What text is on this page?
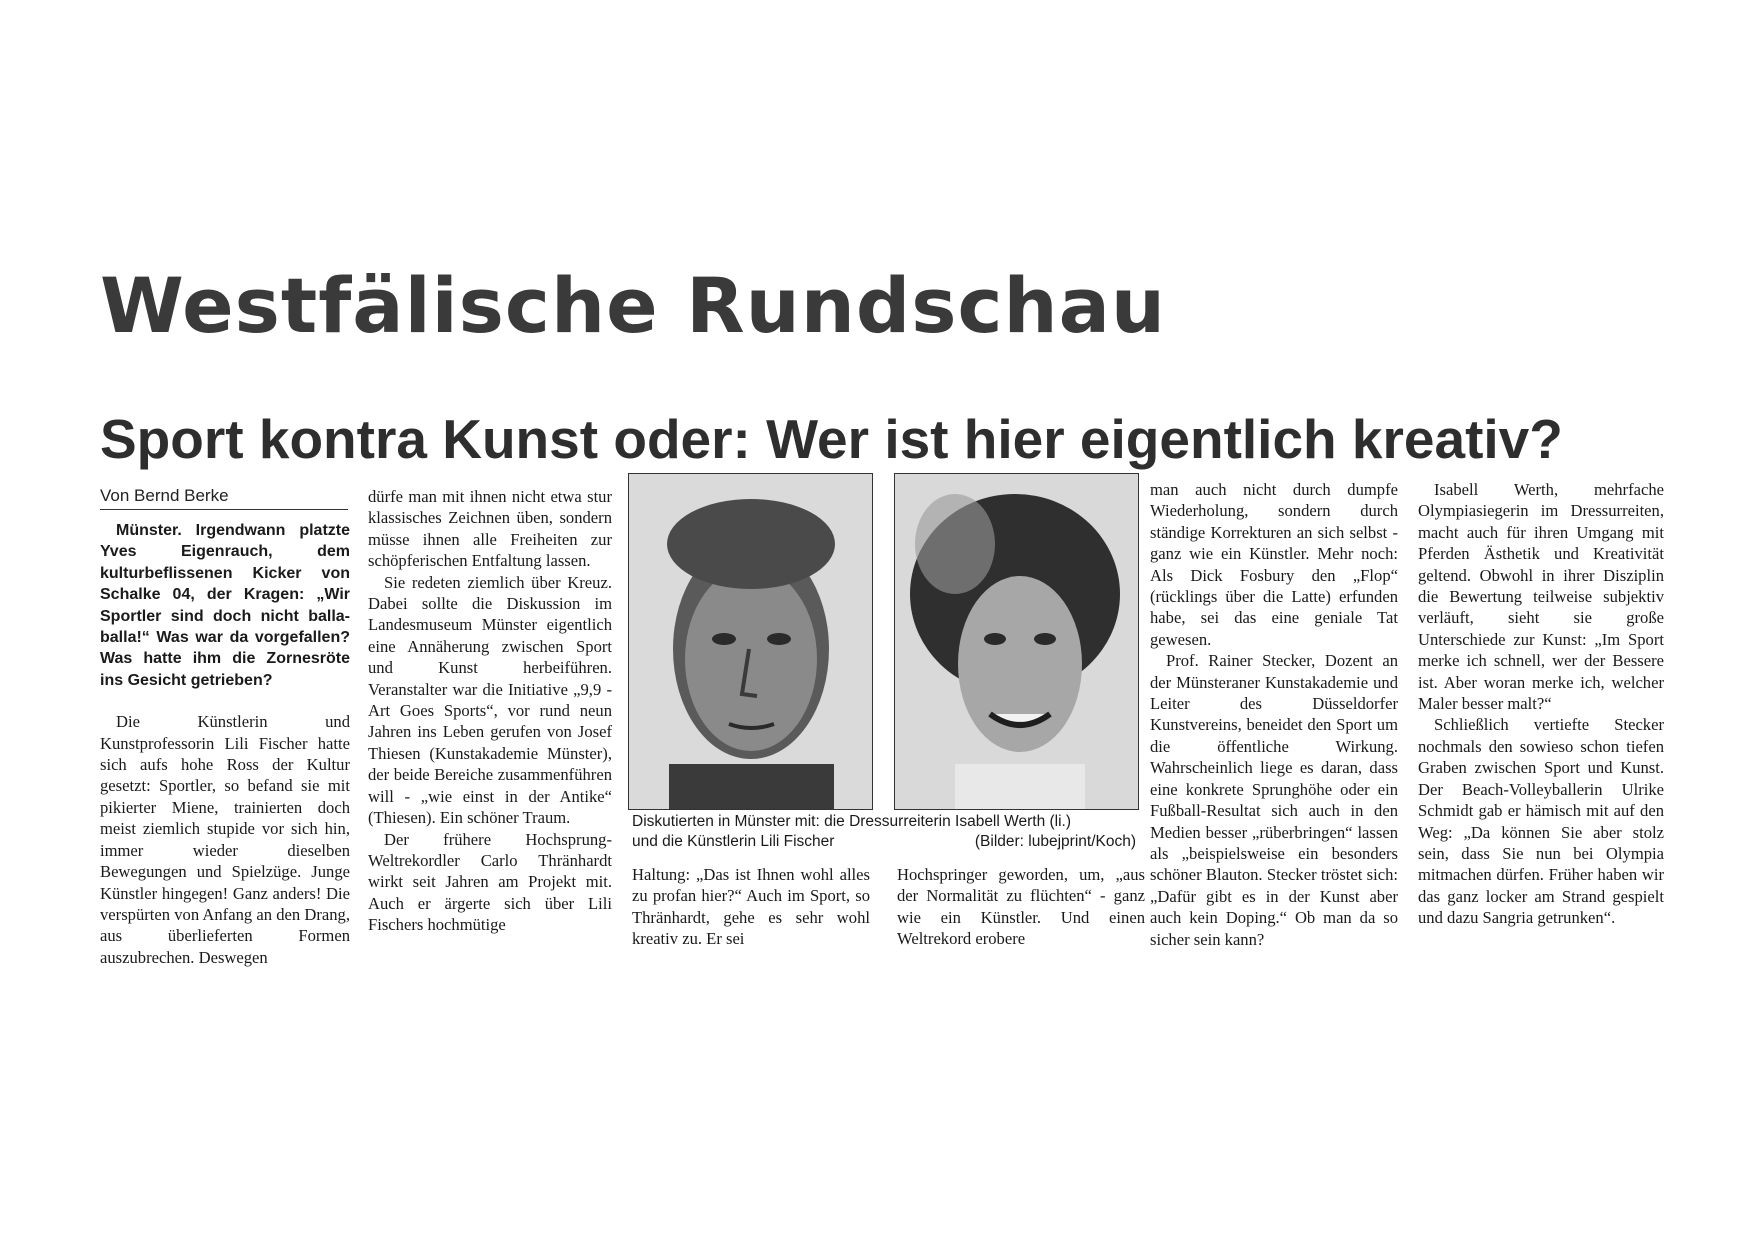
Westfälische Rundschau
Sport kontra Kunst oder: Wer ist hier eigentlich kreativ?
Von Bernd Berke

Münster. Irgendwann platzte Yves Eigenrauch, dem kulturbeflissenen Kicker von Schalke 04, der Kragen: „Wir Sportler sind doch nicht balla-balla!“ Was war da vorgefallen? Was hatte ihm die Zornesröte ins Gesicht getrieben?

Die Künstlerin und Kunstprofessorin Lili Fischer hatte sich aufs hohe Ross der Kultur gesetzt: Sportler, so befand sie mit pikierter Miene, trainierten doch meist ziemlich stupide vor sich hin, immer wieder dieselben Bewegungen und Spielzüge. Junge Künstler hingegen! Ganz anders! Die verspürten von Anfang an den Drang, aus überlieferten Formen auszubrechen. Deswegen

dürfe man mit ihnen nicht etwa stur klassisches Zeichnen üben, sondern müsse ihnen alle Freiheiten zur schöpferischen Entfaltung lassen.

Sie redeten ziemlich über Kreuz. Dabei sollte die Diskussion im Landesmuseum Münster eigentlich eine Annäherung zwischen Sport und Kunst herbeiführen. Veranstalter war die Initiative „9,9 - Art Goes Sports“, vor rund neun Jahren ins Leben gerufen von Josef Thiesen (Kunstakademie Münster), der beide Bereiche zusammenführen will - „wie einst in der Antike“ (Thiesen). Ein schöner Traum.

Der frühere Hochsprung-Weltrekordler Carlo Thränhardt wirkt seit Jahren am Projekt mit. Auch er ärgerte sich über Lili Fischers hochmütige

Diskutierten in Münster mit: die Dressurreiterin Isabell Werth (li.)
und die Künstlerin Lili Fischer	(Bilder: lubejprint/Koch)

Haltung: „Das ist Ihnen wohl alles zu profan hier?“ Auch im Sport, so Thränhardt, gehe es sehr wohl kreativ zu. Er sei

Hochspringer geworden, um, „aus der Normalität zu flüchten“ - ganz wie ein Künstler. Und einen Weltrekord erobere

man auch nicht durch dumpfe Wiederholung, sondern durch ständige Korrekturen an sich selbst - ganz wie ein Künstler. Mehr noch: Als Dick Fosbury den „Flop“ (rücklings über die Latte) erfunden habe, sei das eine geniale Tat gewesen.

Prof. Rainer Stecker, Dozent an der Münsteraner Kunstakademie und Leiter des Düsseldorfer Kunstvereins, beneidet den Sport um die öffentliche Wirkung. Wahrscheinlich liege es daran, dass eine konkrete Sprunghöhe oder ein Fußball-Resultat sich auch in den Medien besser „rüberbringen“ lassen als „beispielsweise ein besonders schöner Blauton. Stecker tröstet sich: „Dafür gibt es in der Kunst aber auch kein Doping.“ Ob man da so sicher sein kann?

Isabell Werth, mehrfache Olympiasiegerin im Dressurreiten, macht auch für ihren Umgang mit Pferden Ästhetik und Kreativität geltend. Obwohl in ihrer Disziplin die Bewertung teilweise subjektiv verläuft, sieht sie große Unterschiede zur Kunst: „Im Sport merke ich schnell, wer der Bessere ist. Aber woran merke ich, welcher Maler besser malt?“

Schließlich vertiefte Stecker nochmals den sowieso schon tiefen Graben zwischen Sport und Kunst. Der Beach-Volleyballerin Ulrike Schmidt gab er hämisch mit auf den Weg: „Da können Sie aber stolz sein, dass Sie nun bei Olympia mitmachen dürfen. Früher haben wir das ganz locker am Strand gespielt und dazu Sangria getrunken“.
